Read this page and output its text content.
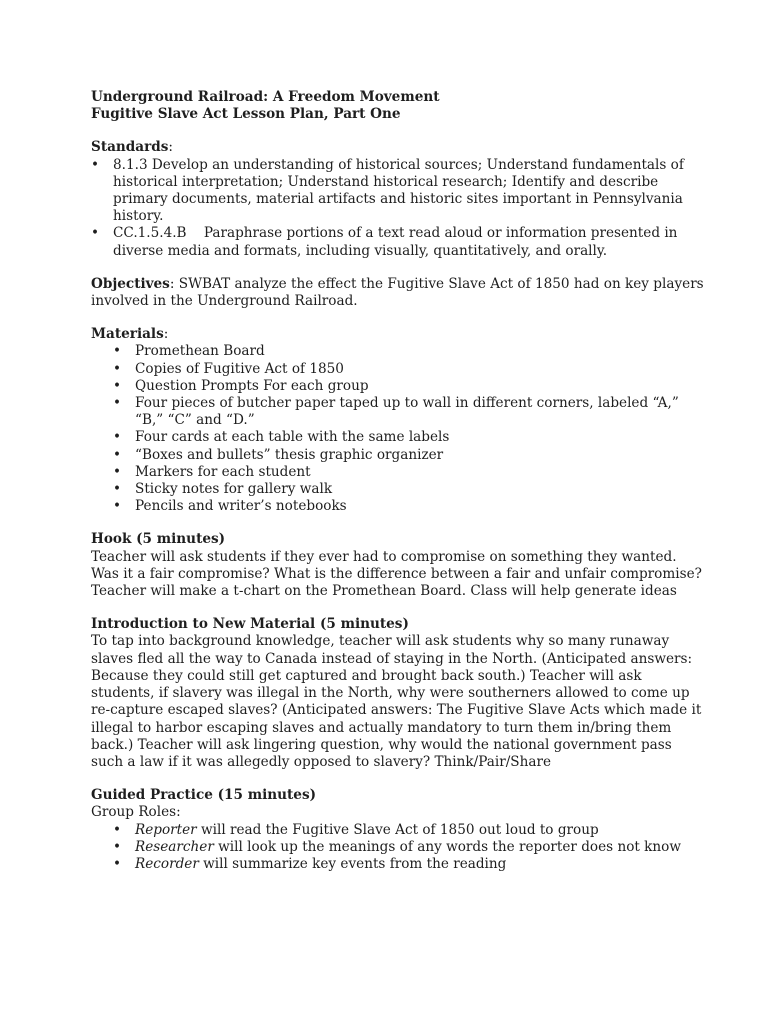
Underground Railroad: A Freedom Movement
Fugitive Slave Act Lesson Plan, Part One
Standards:
• 8.1.3 Develop an understanding of historical sources; Understand fundamentals of historical interpretation; Understand historical research; Identify and describe primary documents, material artifacts and historic sites important in Pennsylvania history.
• CC.1.5.4.B    Paraphrase portions of a text read aloud or information presented in diverse media and formats, including visually, quantitatively, and orally.

Objectives: SWBAT analyze the effect the Fugitive Slave Act of 1850 had on key players involved in the Underground Railroad.

Materials:
• Promethean Board
• Copies of Fugitive Act of 1850
• Question Prompts For each group
• Four pieces of butcher paper taped up to wall in different corners, labeled “A,” “B,” “C” and “D.”
• Four cards at each table with the same labels
• “Boxes and bullets” thesis graphic organizer
• Markers for each student
• Sticky notes for gallery walk
• Pencils and writer’s notebooks
Hook (5 minutes)

Teacher will ask students if they ever had to compromise on something they wanted. Was it a fair compromise? What is the difference between a fair and unfair compromise? Teacher will make a t-chart on the Promethean Board. Class will help generate ideas

Introduction to New Material (5 minutes)

To tap into background knowledge, teacher will ask students why so many runaway slaves fled all the way to Canada instead of staying in the North. (Anticipated answers: Because they could still get captured and brought back south.) Teacher will ask students, if slavery was illegal in the North, why were southerners allowed to come up re-capture escaped slaves? (Anticipated answers: The Fugitive Slave Acts which made it illegal to harbor escaping slaves and actually mandatory to turn them in/bring them back.) Teacher will ask lingering question, why would the national government pass such a law if it was allegedly opposed to slavery? Think/Pair/Share

Guided Practice (15 minutes)
Group Roles:
• Reporter will read the Fugitive Slave Act of 1850 out loud to group
• Researcher will look up the meanings of any words the reporter does not know
• Recorder will summarize key events from the reading
